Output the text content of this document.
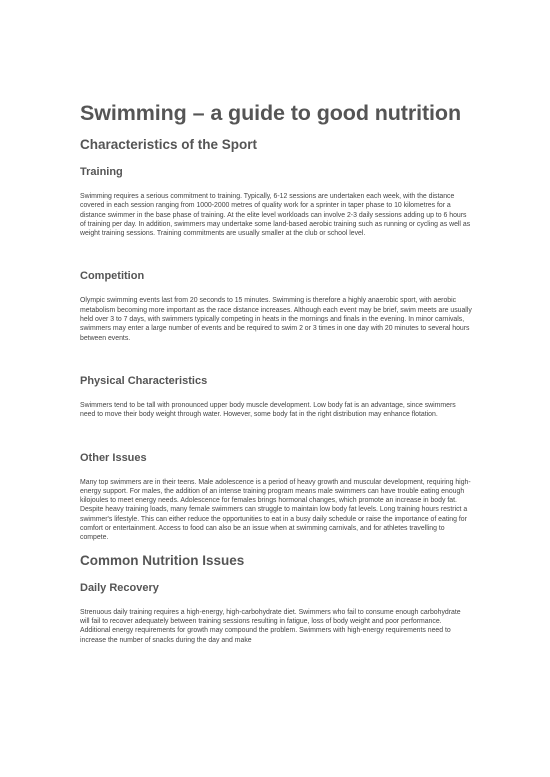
Swimming – a guide to good nutrition
Characteristics of the Sport
Training

Swimming requires a serious commitment to training. Typically, 6-12 sessions are undertaken each week, with the distance covered in each session ranging from 1000-2000 metres of quality work for a sprinter in taper phase to 10 kilometres for a distance swimmer in the base phase of training. At the elite level workloads can involve 2-3 daily sessions adding up to 6 hours of training per day. In addition, swimmers may undertake some land-based aerobic training such as running or cycling as well as weight training sessions. Training commitments are usually smaller at the club or school level.

Competition

Olympic swimming events last from 20 seconds to 15 minutes. Swimming is therefore a highly anaerobic sport, with aerobic metabolism becoming more important as the race distance increases. Although each event may be brief, swim meets are usually held over 3 to 7 days, with swimmers typically competing in heats in the mornings and finals in the evening. In minor carnivals, swimmers may enter a large number of events and be required to swim 2 or 3 times in one day with 20 minutes to several hours between events.

Physical Characteristics

Swimmers tend to be tall with pronounced upper body muscle development. Low body fat is an advantage, since swimmers need to move their body weight through water. However, some body fat in the right distribution may enhance flotation.

Other Issues

Many top swimmers are in their teens. Male adolescence is a period of heavy growth and muscular development, requiring high-energy support. For males, the addition of an intense training program means male swimmers can have trouble eating enough kilojoules to meet energy needs. Adolescence for females brings hormonal changes, which promote an increase in body fat. Despite heavy training loads, many female swimmers can struggle to maintain low body fat levels. Long training hours restrict a swimmer's lifestyle. This can either reduce the opportunities to eat in a busy daily schedule or raise the importance of eating for comfort or entertainment. Access to food can also be an issue when at swimming carnivals, and for athletes travelling to compete.

Common Nutrition Issues
Daily Recovery

Strenuous daily training requires a high-energy, high-carbohydrate diet. Swimmers who fail to consume enough carbohydrate will fail to recover adequately between training sessions resulting in fatigue, loss of body weight and poor performance. Additional energy requirements for growth may compound the problem. Swimmers with high-energy requirements need to increase the number of snacks during the day and make
